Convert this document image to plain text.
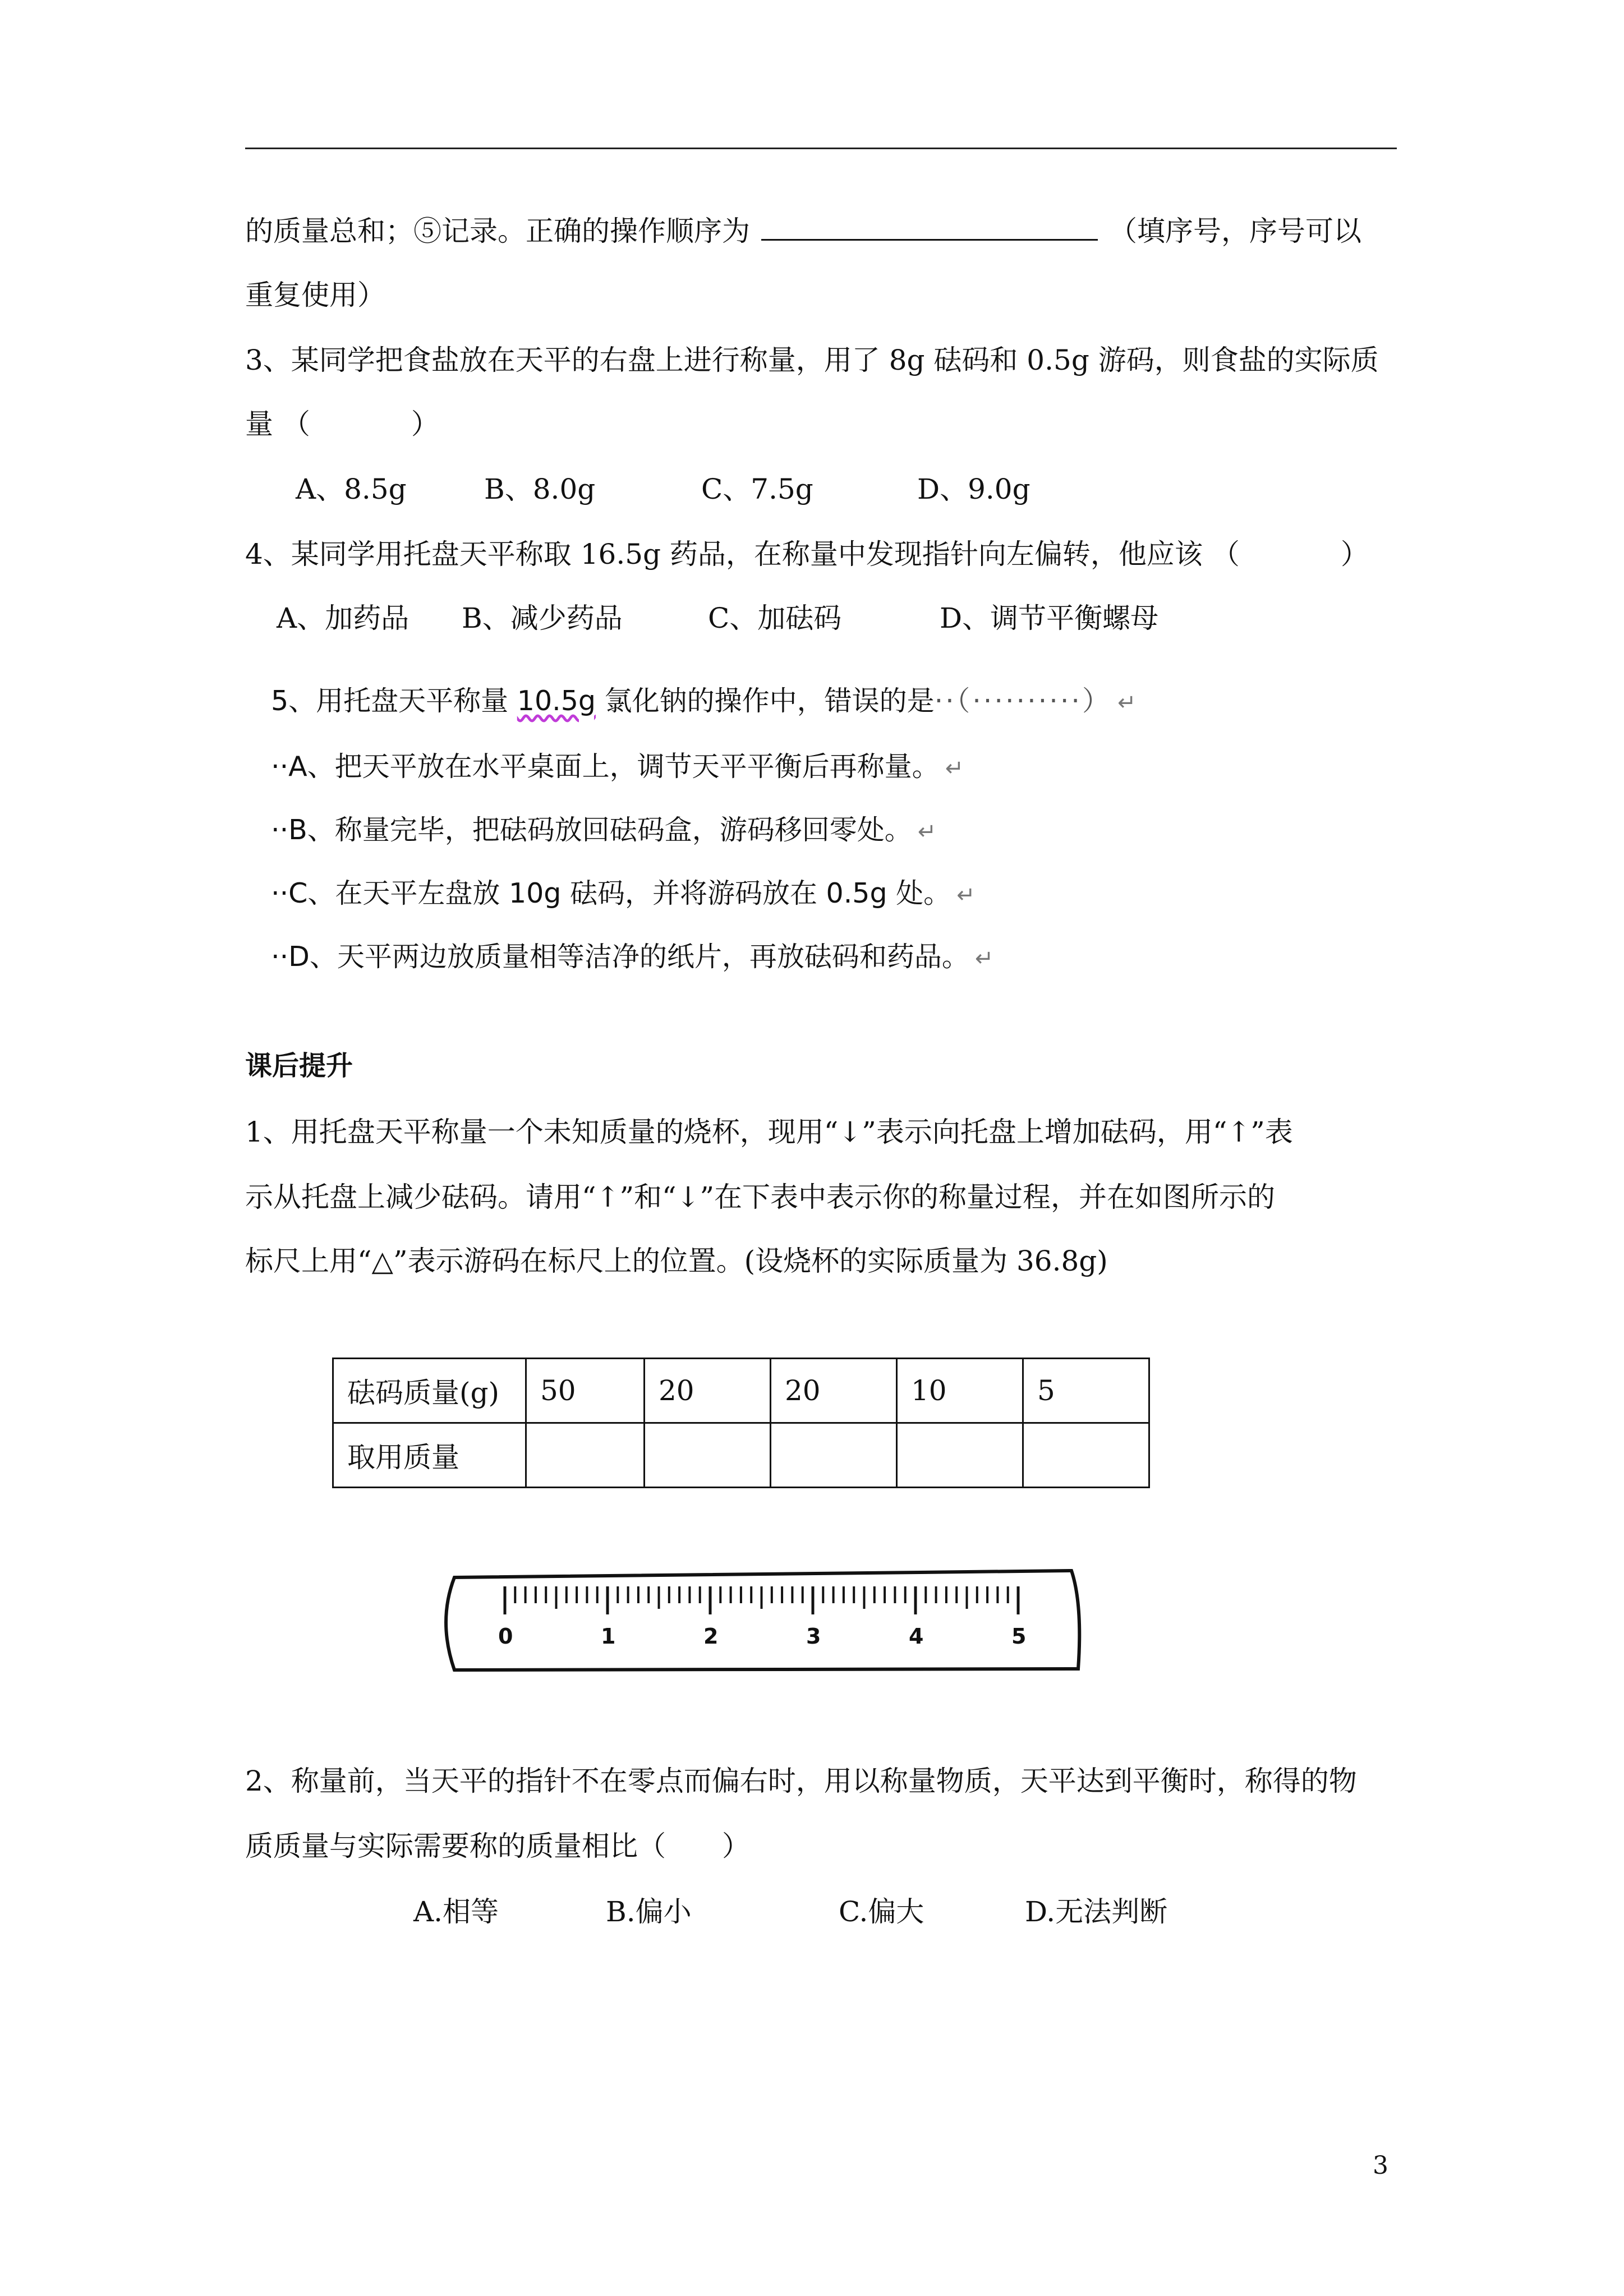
的质量总和；⑤记录。正确的操作顺序为	（填序号，序号可以
重复使用）
3、某同学把食盐放在天平的右盘上进行称量，用了 8g 砝码和 0.5g 游码，则食盐的实际质
量 （	）
A、8.5g	B、8.0g	C、7.5g	D、9.0g
4、某同学用托盘天平称取 16.5g 药品，在称量中发现指针向左偏转，他应该 （	）
A、加药品 B、减少药品	C、加砝码	D、调节平衡螺母
5、用托盘天平称量 10.5g 氯化钠的操作中，错误的是··（··········） ↵
··A、把天平放在水平桌面上，调节天平平衡后再称量。 ↵
··B、称量完毕，把砝码放回砝码盒，游码移回零处。 ↵
··C、在天平左盘放 10g 砝码，并将游码放在 0.5g 处。 ↵
··D、天平两边放质量相等洁净的纸片，再放砝码和药品。 ↵
课后提升
1、用托盘天平称量一个未知质量的烧杯，现用“↓”表示向托盘上增加砝码，用“↑”表
示从托盘上减少砝码。请用“↑”和“↓”在下表中表示你的称量过程，并在如图所示的
标尺上用“△”表示游码在标尺上的位置。(设烧杯的实际质量为 36.8g)
砝码质量(g)	50	20	20	10	5
取用质量					
0	1	2	3	4	5
2、称量前，当天平的指针不在零点而偏右时，用以称量物质，天平达到平衡时，称得的物
质质量与实际需要称的质量相比（　　）
A.相等	B.偏小	C.偏大	D.无法判断
3
